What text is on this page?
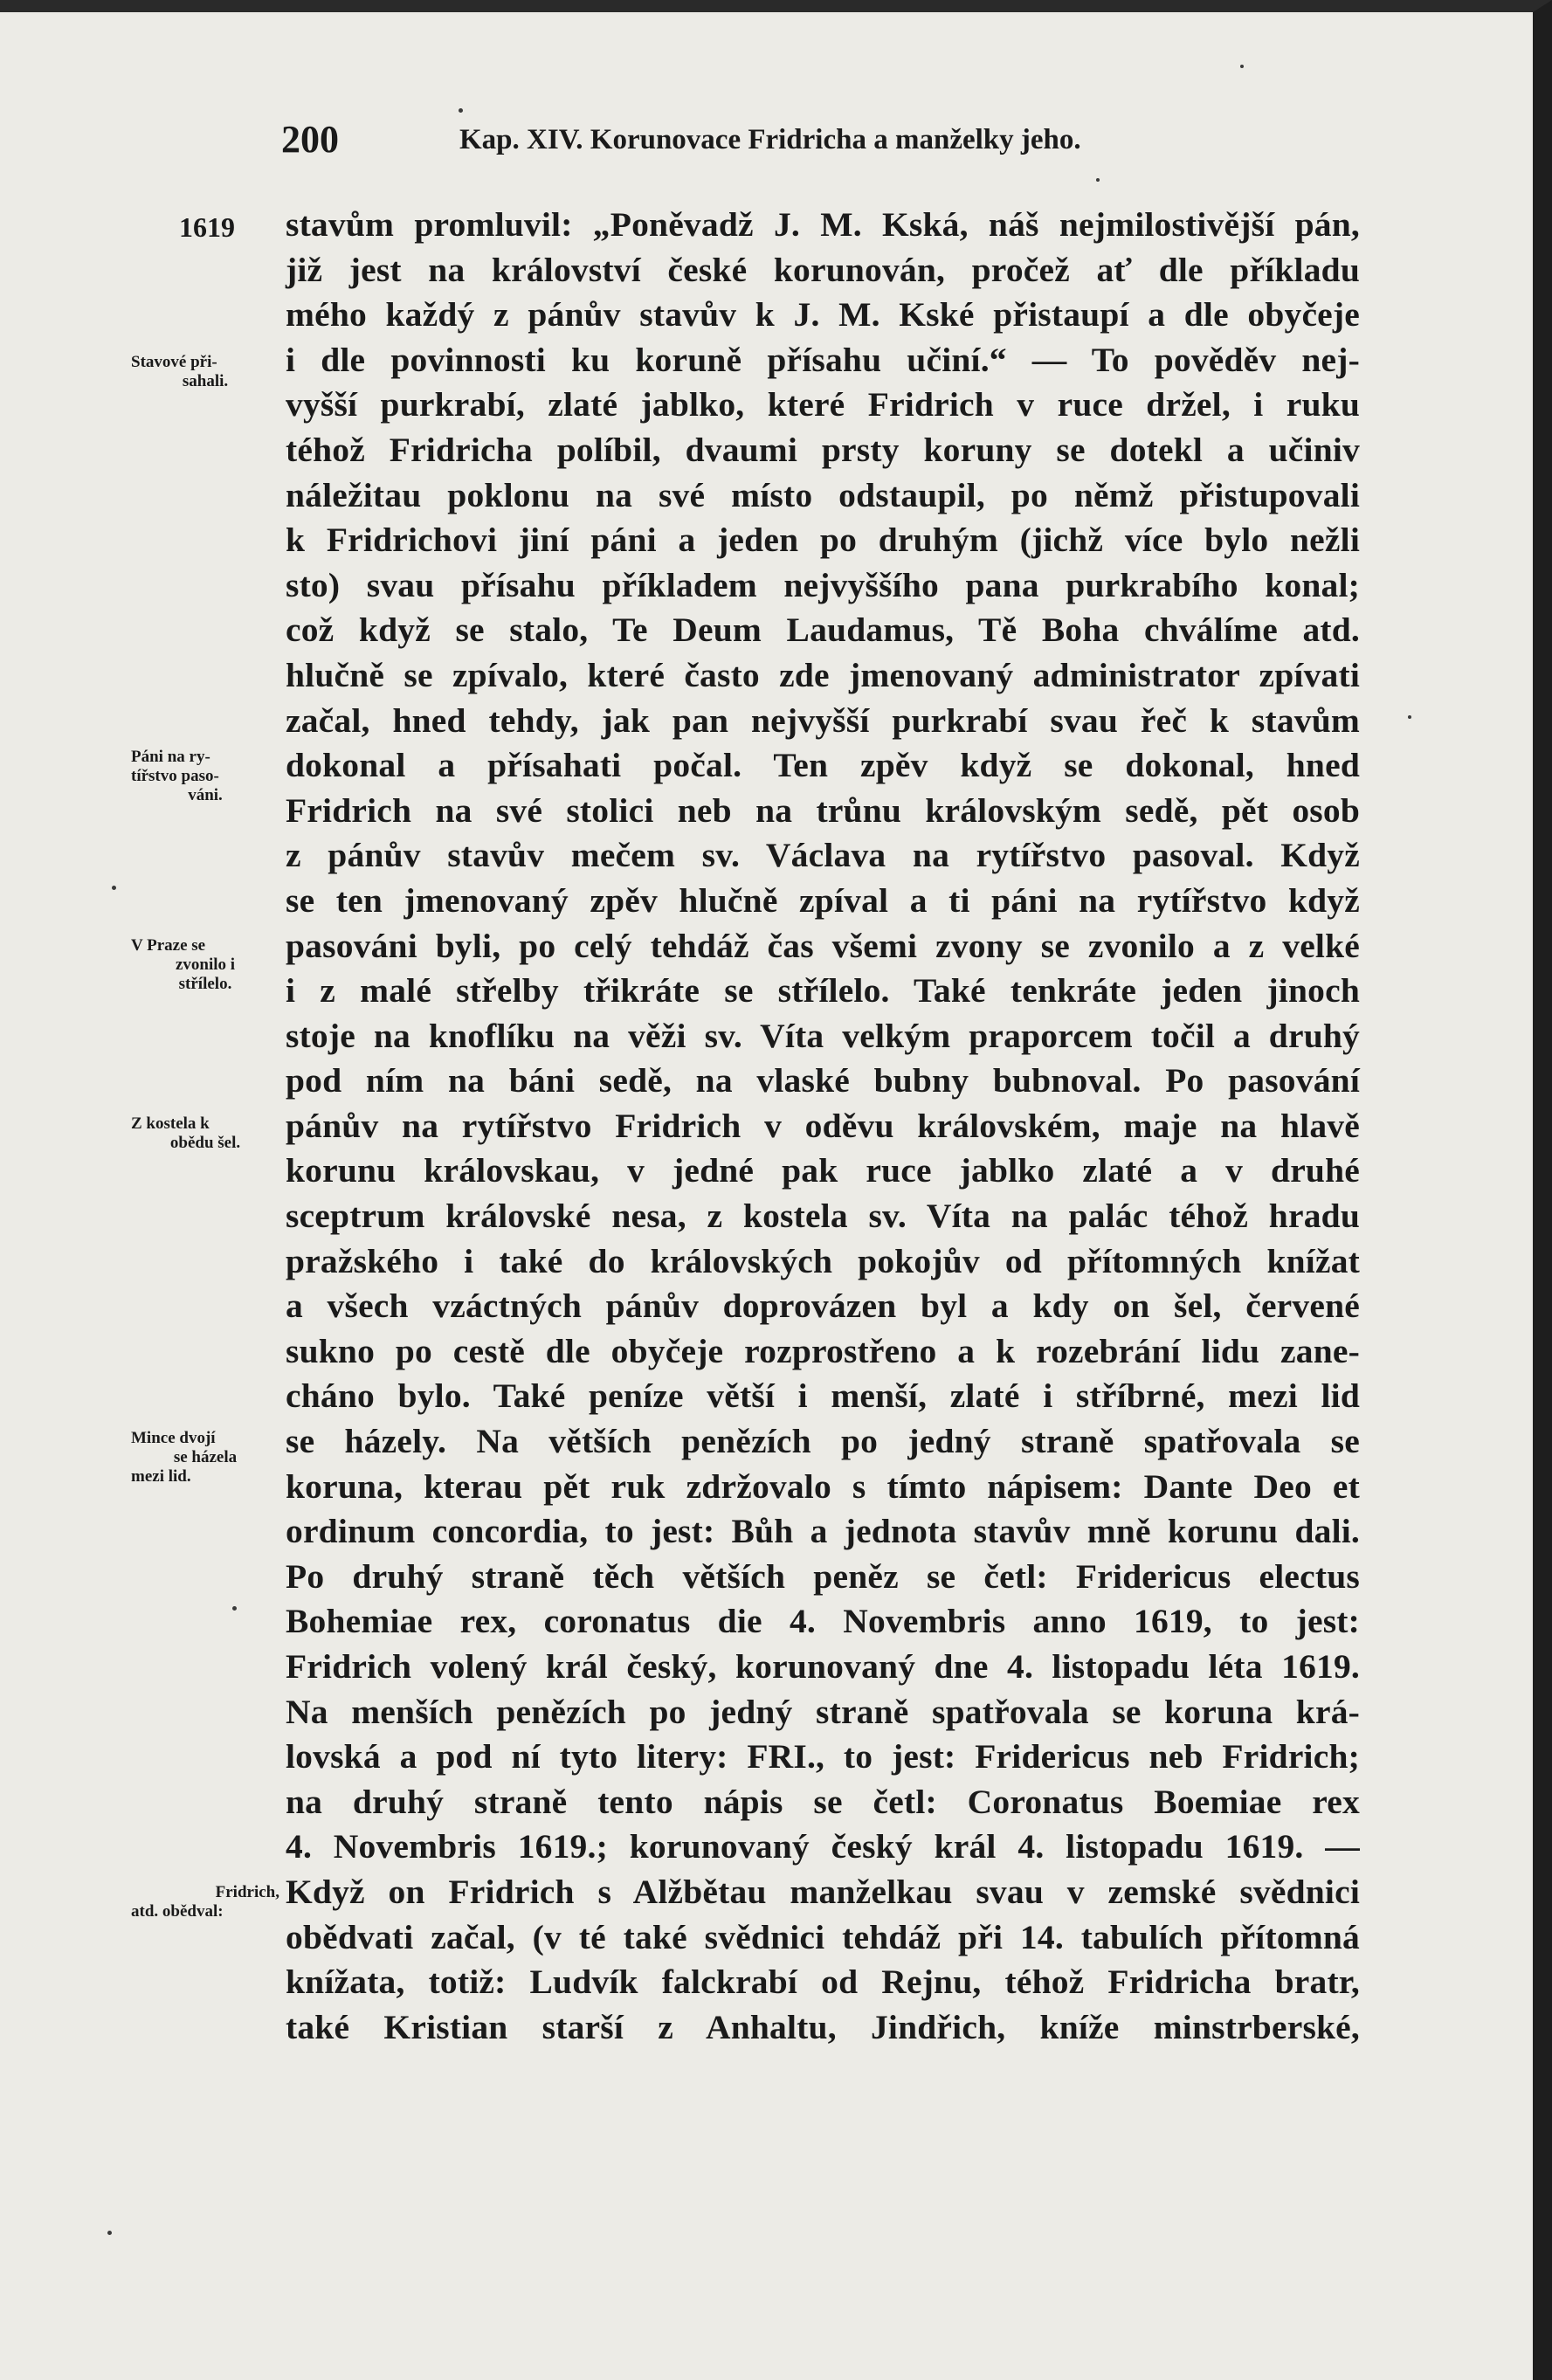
200	Kap. XIV. Korunovace Fridricha a manželky jeho.
1619
Stavové při-
sahali.
Páni na ry-
tířstvo paso-
váni.
V Praze se
zvonilo i
střílelo.
Z kostela k
obědu šel.
Mince dvojí
se házela
mezi lid.
Fridrich,
atd. obědval:
stavům promluvil: „Poněvadž J. M. Kská, náš nejmilostivější pán,
již jest na království české korunován, pročež ať dle příkladu
mého každý z pánův stavův k J. M. Kské přistaupí a dle obyčeje
i dle povinnosti ku koruně přísahu učiní.“ — To pověděv nej-
vyšší purkrabí, zlaté jablko, které Fridrich v ruce držel, i ruku
téhož Fridricha políbil, dvaumi prsty koruny se dotekl a učiniv
náležitau poklonu na své místo odstaupil, po němž přistupovali
k Fridrichovi jiní páni a jeden po druhým (jichž více bylo nežli
sto) svau přísahu příkladem nejvyššího pana purkrabího konal;
což když se stalo, Te Deum Laudamus, Tě Boha chválíme atd.
hlučně se zpívalo, které často zde jmenovaný administrator zpívati
začal, hned tehdy, jak pan nejvyšší purkrabí svau řeč k stavům
dokonal a přísahati počal. Ten zpěv když se dokonal, hned
Fridrich na své stolici neb na trůnu královským sedě, pět osob
z pánův stavův mečem sv. Václava na rytířstvo pasoval. Když
se ten jmenovaný zpěv hlučně zpíval a ti páni na rytířstvo když
pasováni byli, po celý tehdáž čas všemi zvony se zvonilo a z velké
i z malé střelby třikráte se střílelo. Také tenkráte jeden jinoch
stoje na knoflíku na věži sv. Víta velkým praporcem točil a druhý
pod ním na báni sedě, na vlaské bubny bubnoval. Po pasování
pánův na rytířstvo Fridrich v oděvu královském, maje na hlavě
korunu královskau, v jedné pak ruce jablko zlaté a v druhé
sceptrum královské nesa, z kostela sv. Víta na palác téhož hradu
pražského i také do královských pokojův od přítomných knížat
a všech vzáctných pánův doprovázen byl a kdy on šel, červené
sukno po cestě dle obyčeje rozprostřeno a k rozebrání lidu zane-
cháno bylo. Také peníze větší i menší, zlaté i stříbrné, mezi lid
se házely. Na větších penězích po jedný straně spatřovala se
koruna, kterau pět ruk zdržovalo s tímto nápisem: Dante Deo et
ordinum concordia, to jest: Bůh a jednota stavův mně korunu dali.
Po druhý straně těch větších peněz se četl: Fridericus electus
Bohemiae rex, coronatus die 4. Novembris anno 1619, to jest:
Fridrich volený král český, korunovaný dne 4. listopadu léta 1619.
Na menších penězích po jedný straně spatřovala se koruna krá-
lovská a pod ní tyto litery: FRI., to jest: Fridericus neb Fridrich;
na druhý straně tento nápis se četl: Coronatus Boemiae rex
4. Novembris 1619.; korunovaný český král 4. listopadu 1619. —
Když on Fridrich s Alžbětau manželkau svau v zemské svědnici
obědvati začal, (v té také svědnici tehdáž při 14. tabulích přítomná
knížata, totiž: Ludvík falckrabí od Rejnu, téhož Fridricha bratr,
také Kristian starší z Anhaltu, Jindřich, kníže minstrberské,
